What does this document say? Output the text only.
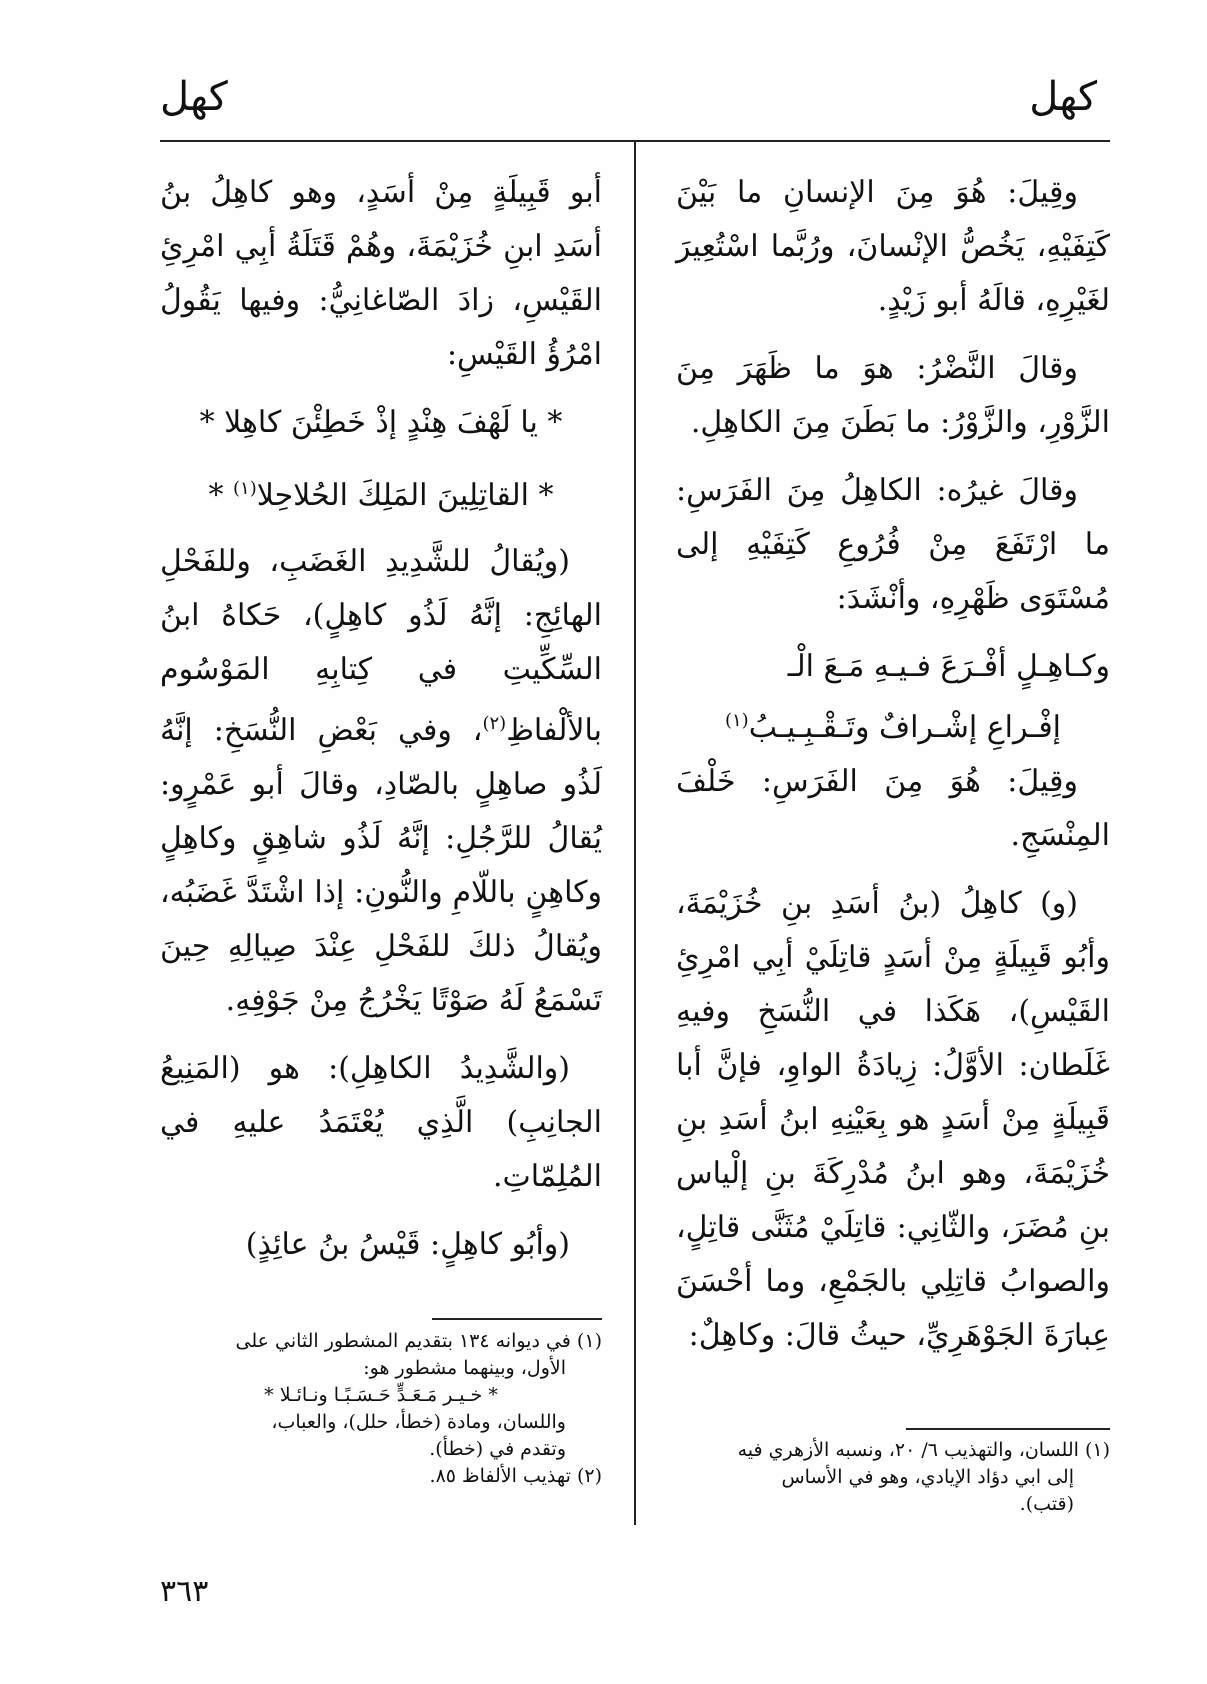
كهل
كهل

وقِيلَ: هُوَ مِنَ الإنسانِ ما بَيْنَ كَتِفَيْهِ، يَخُصُّ الإنْسانَ، ورُبَّما اسْتُعِيرَ لغَيْرِهِ، قالَهُ أبو زَيْدٍ.

وقالَ النَّضْرُ: هوَ ما ظَهَرَ مِنَ الزَّوْرِ، والزَّوْرُ: ما بَطَنَ مِنَ الكاهِلِ.

وقالَ غيرُه: الكاهِلُ مِنَ الفَرَسِ: ما ارْتَفَعَ مِنْ فُرُوعِ كَتِفَيْهِ إلى مُسْتَوَى ظَهْرِهِ، وأنْشَدَ:

وكـاهِـلٍ أفْـرَعَ فـيـهِ مَـعَ الْـ

إفْـراعِ إشْـرافٌ وتَـقْـبِـيـبُ$^{(١)}$

وقِيلَ: هُوَ مِنَ الفَرَسِ: خَلْفَ المِنْسَجِ.

(و) كاهِلُ (بنُ أسَدِ بنِ خُزَيْمَةَ، وأبُو قَبِيلَةٍ مِنْ أسَدٍ قاتِلَيْ أبِي امْرِئِ القَيْسِ)، هَكَذا في النُّسَخِ وفيهِ غَلَطان: الأوَّلُ: زِيادَةُ الواوِ، فإنَّ أبا قَبِيلَةٍ مِنْ أسَدٍ هو بِعَيْنِهِ ابنُ أسَدِ بنِ خُزَيْمَةَ، وهو ابنُ مُدْرِكَةَ بنِ إلْياس بنِ مُضَرَ، والثّانِي: قاتِلَيْ مُثَنَّى قاتِلٍ، والصوابُ قاتِلِي بالجَمْعِ، وما أحْسَنَ عِبارَةَ الجَوْهَرِيِّ، حيثُ قالَ: وكاهِلٌ:

أبو قَبِيلَةٍ مِنْ أسَدٍ، وهو كاهِلُ بنُ أسَدِ ابنِ خُزَيْمَةَ، وهُمْ قَتَلَةُ أبِي امْرِئِ القَيْسِ، زادَ الصّاغانِيُّ: وفيها يَقُولُ امْرُؤُ القَيْسِ:

* يا لَهْفَ هِنْدٍ إذْ خَطِئْنَ كاهِلا *

* القاتِلِينَ المَلِكَ الحُلاحِلا$^{(١)}$ *

(ويُقالُ للشَّدِيدِ الغَضَبِ، وللفَحْلِ الهائِجِ: إنَّهُ لَذُو كاهِلٍ)، حَكاهُ ابنُ السِّكِّيتِ في كِتابِهِ المَوْسُوم بالألْفاظِ$^{(٢)}$، وفي بَعْضِ النُّسَخِ: إنَّهُ لَذُو صاهِلٍ بالصّادِ، وقالَ أبو عَمْرٍو: يُقالُ للرَّجُلِ: إنَّهُ لَذُو شاهِقٍ وكاهِلٍ وكاهِنٍ باللّامِ والنُّونِ: إذا اشْتَدَّ غَضَبُه، ويُقالُ ذلكَ للفَحْلِ عِنْدَ صِيالِهِ حِينَ تَسْمَعُ لَهُ صَوْتًا يَخْرُجُ مِنْ جَوْفِهِ.

(والشَّدِيدُ الكاهِلِ): هو (المَنِيعُ الجانِبِ) الَّذِي يُعْتَمَدُ عليهِ في المُلِمّاتِ.

(وأبُو كاهِلٍ: قَيْسُ بنُ عائِذٍ)

(١) اللسان، والتهذيب ٦/ ٢٠، ونسبه الأزهري فيه

إلى ابي دؤاد الإيادي، وهو في الأساس

(قتب).

(١) في ديوانه ١٣٤ بتقديم المشطور الثاني على

الأول، وبينهما مشطور هو:

* خـيـر مَـعَـدٍّ حَـسَـبًـا ونـائـلا *

واللسان، ومادة (خطأ، حلل)، والعباب،

وتقدم في (خطأ).

(٢) تهذيب الألفاظ ٨٥.

٣٦٣
